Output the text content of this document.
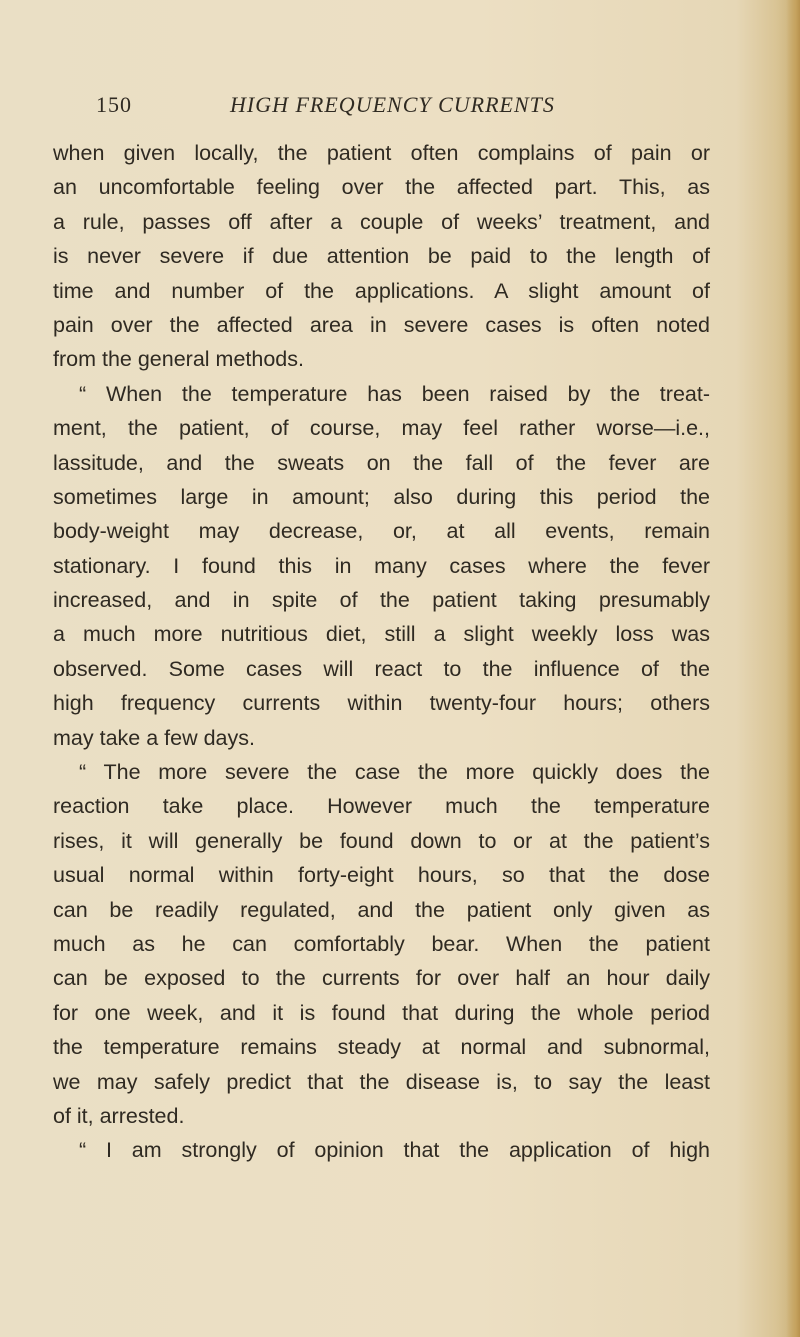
150	HIGH FREQUENCY CURRENTS
when given locally, the patient often complains of pain or
an uncomfortable feeling over the affected part. This, as
a rule, passes off after a couple of weeks’ treatment, and
is never severe if due attention be paid to the length of
time and number of the applications. A slight amount of
pain over the affected area in severe cases is often noted
from the general methods.
“ When the temperature has been raised by the treat-
ment, the patient, of course, may feel rather worse—i.e.,
lassitude, and the sweats on the fall of the fever are
sometimes large in amount; also during this period the
body-weight may decrease, or, at all events, remain
stationary. I found this in many cases where the fever
increased, and in spite of the patient taking presumably
a much more nutritious diet, still a slight weekly loss was
observed. Some cases will react to the influence of the
high frequency currents within twenty-four hours; others
may take a few days.
“ The more severe the case the more quickly does the
reaction take place. However much the temperature
rises, it will generally be found down to or at the patient’s
usual normal within forty-eight hours, so that the dose
can be readily regulated, and the patient only given as
much as he can comfortably bear. When the patient
can be exposed to the currents for over half an hour daily
for one week, and it is found that during the whole period
the temperature remains steady at normal and subnormal,
we may safely predict that the disease is, to say the least
of it, arrested.
“ I am strongly of opinion that the application of high
